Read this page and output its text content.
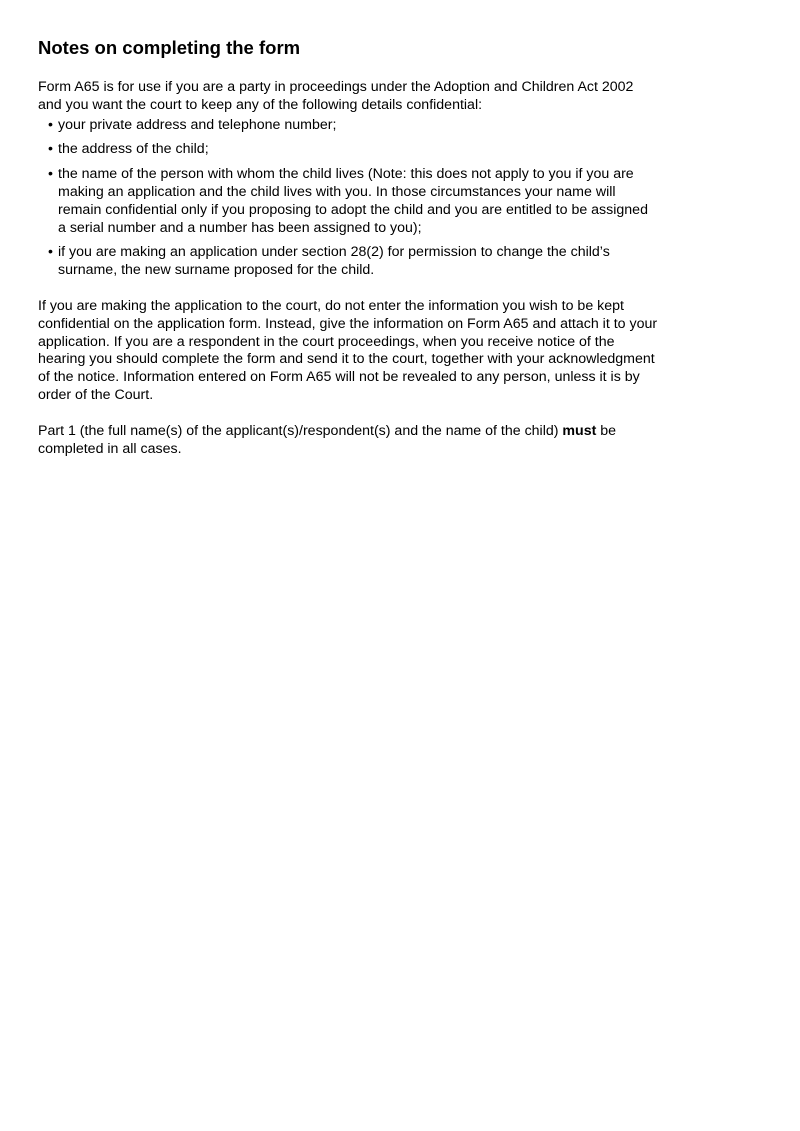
Notes on completing the form

Form A65 is for use if you are a party in proceedings under the Adoption and Children Act 2002 and you want the court to keep any of the following details confidential:

• your private address and telephone number;
• the address of the child;
• the name of the person with whom the child lives (Note: this does not apply to you if you are making an application and the child lives with you. In those circumstances your name will remain confidential only if you proposing to adopt the child and you are entitled to be assigned a serial number and a number has been assigned to you);
• if you are making an application under section 28(2) for permission to change the child’s surname, the new surname proposed for the child.

If you are making the application to the court, do not enter the information you wish to be kept confidential on the application form. Instead, give the information on Form A65 and attach it to your application. If you are a respondent in the court proceedings, when you receive notice of the hearing you should complete the form and send it to the court, together with your acknowledgment of the notice. Information entered on Form A65 will not be revealed to any person, unless it is by order of the Court.

Part 1 (the full name(s) of the applicant(s)/respondent(s) and the name of the child) must be completed in all cases.
